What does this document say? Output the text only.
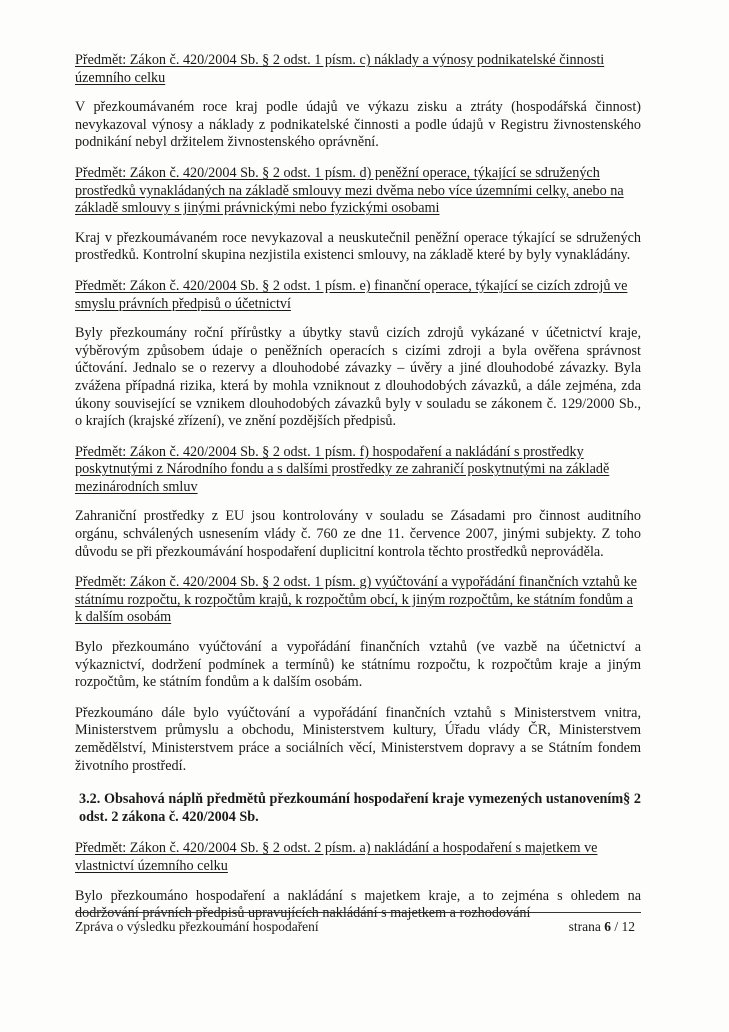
Předmět: Zákon č. 420/2004 Sb. § 2 odst. 1 písm. c) náklady a výnosy podnikatelské činnosti územního celku

V přezkoumávaném roce kraj podle údajů ve výkazu zisku a ztráty (hospodářská činnost) nevykazoval výnosy a náklady z podnikatelské činnosti a podle údajů v Registru živnostenského podnikání nebyl držitelem živnostenského oprávnění.

Předmět: Zákon č. 420/2004 Sb. § 2 odst. 1 písm. d) peněžní operace, týkající se sdružených prostředků vynakládaných na základě smlouvy mezi dvěma nebo více územními celky, anebo na základě smlouvy s jinými právnickými nebo fyzickými osobami

Kraj v přezkoumávaném roce nevykazoval a neuskutečnil peněžní operace týkající se sdružených prostředků. Kontrolní skupina nezjistila existenci smlouvy, na základě které by byly vynakládány.

Předmět: Zákon č. 420/2004 Sb. § 2 odst. 1 písm. e) finanční operace, týkající se cizích zdrojů ve smyslu právních předpisů o účetnictví

Byly přezkoumány roční přírůstky a úbytky stavů cizích zdrojů vykázané v účetnictví kraje, výběrovým způsobem údaje o peněžních operacích s cizími zdroji a byla ověřena správnost účtování. Jednalo se o rezervy a dlouhodobé závazky – úvěry a jiné dlouhodobé závazky. Byla zvážena případná rizika, která by mohla vzniknout z dlouhodobých závazků, a dále zejména, zda úkony související se vznikem dlouhodobých závazků byly v souladu se zákonem č. 129/2000 Sb., o krajích (krajské zřízení), ve znění pozdějších předpisů.

Předmět: Zákon č. 420/2004 Sb. § 2 odst. 1 písm. f) hospodaření a nakládání s prostředky poskytnutými z Národního fondu a s dalšími prostředky ze zahraničí poskytnutými na základě mezinárodních smluv

Zahraniční prostředky z EU jsou kontrolovány v souladu se Zásadami pro činnost auditního orgánu, schválených usnesením vlády č. 760 ze dne 11. července 2007, jinými subjekty. Z toho důvodu se při přezkoumávání hospodaření duplicitní kontrola těchto prostředků neprováděla.

Předmět: Zákon č. 420/2004 Sb. § 2 odst. 1 písm. g) vyúčtování a vypořádání finančních vztahů ke státnímu rozpočtu, k rozpočtům krajů, k rozpočtům obcí, k jiným rozpočtům, ke státním fondům a k dalším osobám

Bylo přezkoumáno vyúčtování a vypořádání finančních vztahů (ve vazbě na účetnictví a výkaznictví, dodržení podmínek a termínů) ke státnímu rozpočtu, k rozpočtům kraje a jiným rozpočtům, ke státním fondům a k dalším osobám.

Přezkoumáno dále bylo vyúčtování a vypořádání finančních vztahů s Ministerstvem vnitra, Ministerstvem průmyslu a obchodu, Ministerstvem kultury, Úřadu vlády ČR, Ministerstvem zemědělství, Ministerstvem práce a sociálních věcí, Ministerstvem dopravy a se Státním fondem životního prostředí.

3.2. Obsahová náplň předmětů přezkoumání hospodaření kraje vymezených ustanovením§ 2 odst. 2 zákona č. 420/2004 Sb.

Předmět: Zákon č. 420/2004 Sb. § 2 odst. 2 písm. a) nakládání a hospodaření s majetkem ve vlastnictví územního celku

Bylo přezkoumáno hospodaření a nakládání s majetkem kraje, a to zejména s ohledem na dodržování právních předpisů upravujících nakládání s majetkem a rozhodování

Zpráva o výsledku přezkoumání hospodaření	strana 6 / 12
